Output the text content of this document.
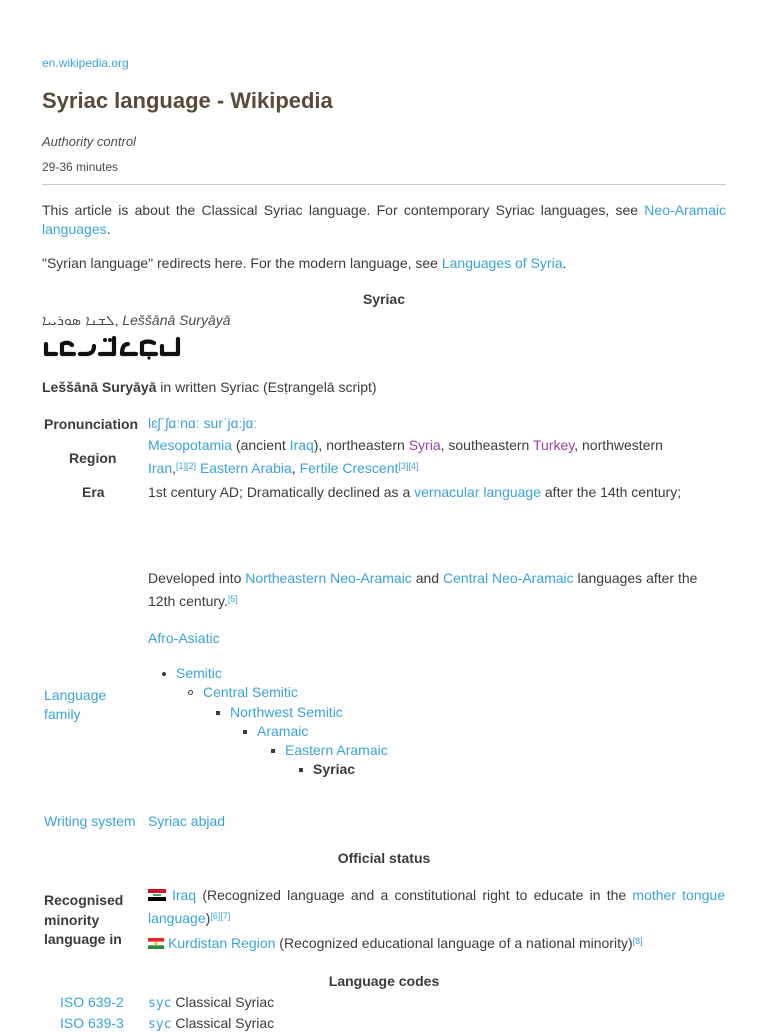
en.wikipedia.org
Syriac language - Wikipedia
Authority control
29-36 minutes
This article is about the Classical Syriac language. For contemporary Syriac languages, see Neo-Aramaic languages.
"Syrian language" redirects here. For the modern language, see Languages of Syria.
Syriac
ܠܫܢܐ ܣܘܪܝܝܐ, Leššānā Suryāyā
Leššānā Suryāyā in written Syriac (Esṭrangelā script)
Pronunciation lɛʃˈʃɑːnɑː surˈjɑːjɑː
Region
Mesopotamia (ancient Iraq), northeastern Syria, southeastern Turkey, northwestern
Iran,[1][2] Eastern Arabia, Fertile Crescent[3][4]
Era	1st century AD; Dramatically declined as a vernacular language after the 14th century;
Developed into Northeastern Neo-Aramaic and Central Neo-Aramaic languages after the 12th century.[5]
Afro-Asiatic
Language
family
Semitic
Central Semitic
Northwest Semitic
Aramaic
Eastern Aramaic
Syriac
Writing system Syriac abjad
Official status
Recognised
minority
language in
Iraq (Recognized language and a constitutional right to educate in the mother tongue language)[6][7]
Kurdistan Region (Recognized educational language of a national minority)[8]
Language codes
ISO 639-2 syc Classical Syriac
ISO 639-3 syc Classical Syriac
